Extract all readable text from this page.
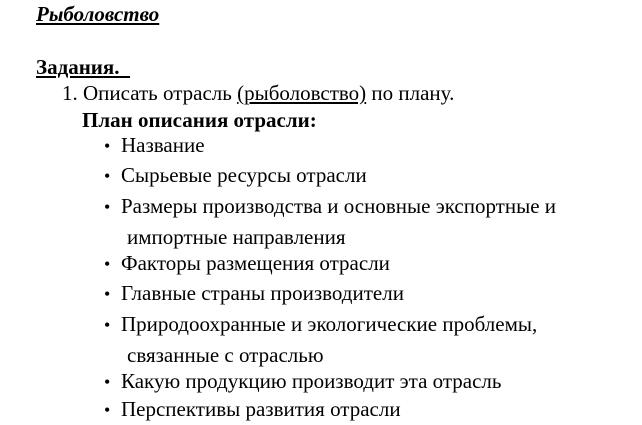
Рыболовство
Задания.
1. Описать отрасль (рыболовство) по плану.
План описания отрасли:
• Название
• Сырьевые ресурсы отрасли
• Размеры производства и основные экспортные и
импортные направления
• Факторы размещения отрасли
• Главные страны производители
• Природоохранные и экологические проблемы,
связанные с отраслью
• Какую продукцию производит эта отрасль
• Перспективы развития отрасли
